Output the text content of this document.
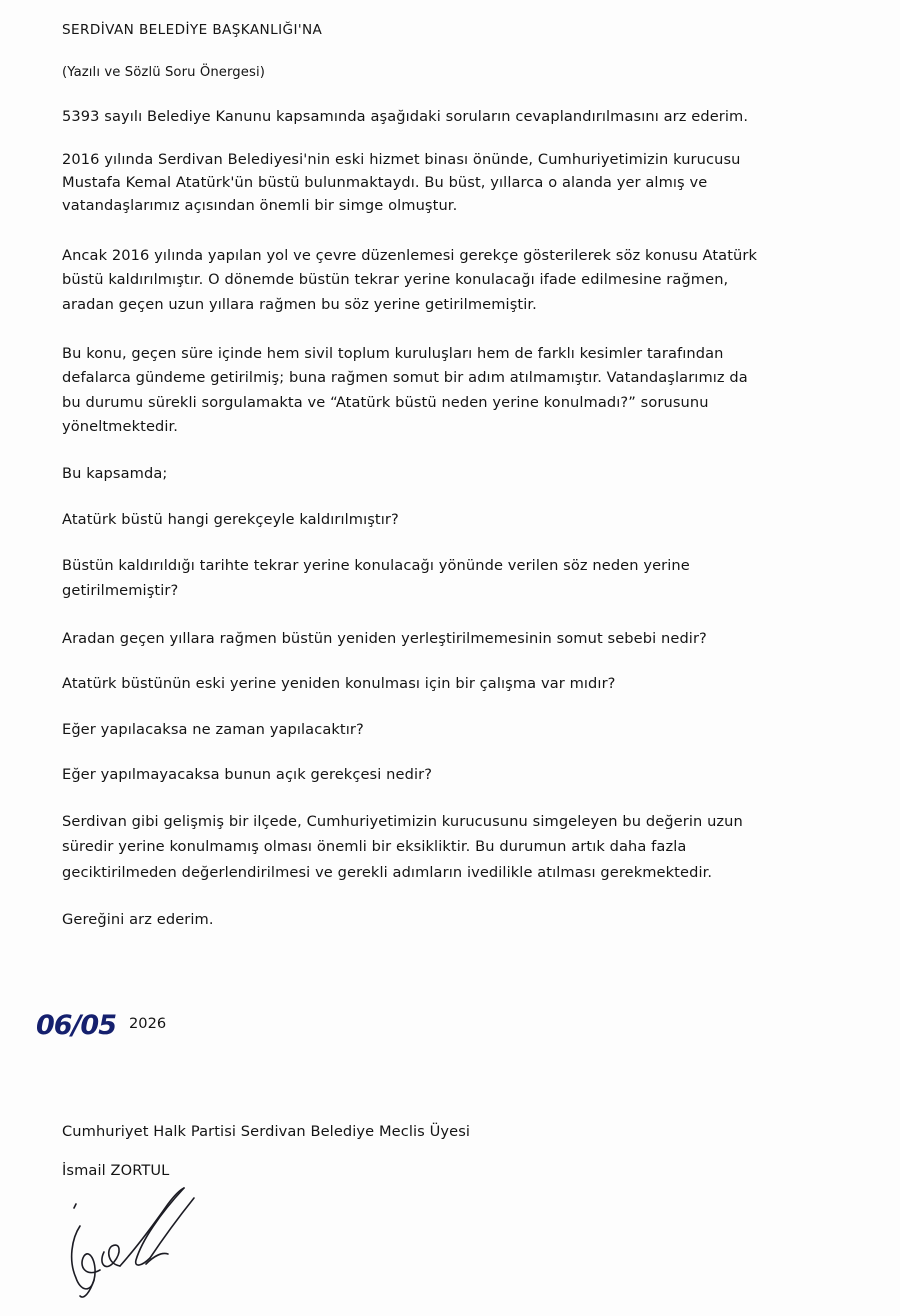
SERDİVAN BELEDİYE BAŞKANLIĞI'NA
(Yazılı ve Sözlü Soru Önergesi)
5393 sayılı Belediye Kanunu kapsamında aşağıdaki soruların cevaplandırılmasını arz ederim.
2016 yılında Serdivan Belediyesi'nin eski hizmet binası önünde, Cumhuriyetimizin kurucusu
Mustafa Kemal Atatürk'ün büstü bulunmaktaydı. Bu büst, yıllarca o alanda yer almış ve
vatandaşlarımız açısından önemli bir simge olmuştur.
Ancak 2016 yılında yapılan yol ve çevre düzenlemesi gerekçe gösterilerek söz konusu Atatürk
büstü kaldırılmıştır. O dönemde büstün tekrar yerine konulacağı ifade edilmesine rağmen,
aradan geçen uzun yıllara rağmen bu söz yerine getirilmemiştir.
Bu konu, geçen süre içinde hem sivil toplum kuruluşları hem de farklı kesimler tarafından
defalarca gündeme getirilmiş; buna rağmen somut bir adım atılmamıştır. Vatandaşlarımız da
bu durumu sürekli sorgulamakta ve “Atatürk büstü neden yerine konulmadı?” sorusunu
yöneltmektedir.
Bu kapsamda;
Atatürk büstü hangi gerekçeyle kaldırılmıştır?
Büstün kaldırıldığı tarihte tekrar yerine konulacağı yönünde verilen söz neden yerine
getirilmemiştir?
Aradan geçen yıllara rağmen büstün yeniden yerleştirilmemesinin somut sebebi nedir?
Atatürk büstünün eski yerine yeniden konulması için bir çalışma var mıdır?
Eğer yapılacaksa ne zaman yapılacaktır?
Eğer yapılmayacaksa bunun açık gerekçesi nedir?
Serdivan gibi gelişmiş bir ilçede, Cumhuriyetimizin kurucusunu simgeleyen bu değerin uzun
süredir yerine konulmamış olması önemli bir eksikliktir. Bu durumun artık daha fazla
geciktirilmeden değerlendirilmesi ve gerekli adımların ivedilikle atılması gerekmektedir.
Gereğini arz ederim.
06/05 2026
Cumhuriyet Halk Partisi Serdivan Belediye Meclis Üyesi
İsmail ZORTUL
